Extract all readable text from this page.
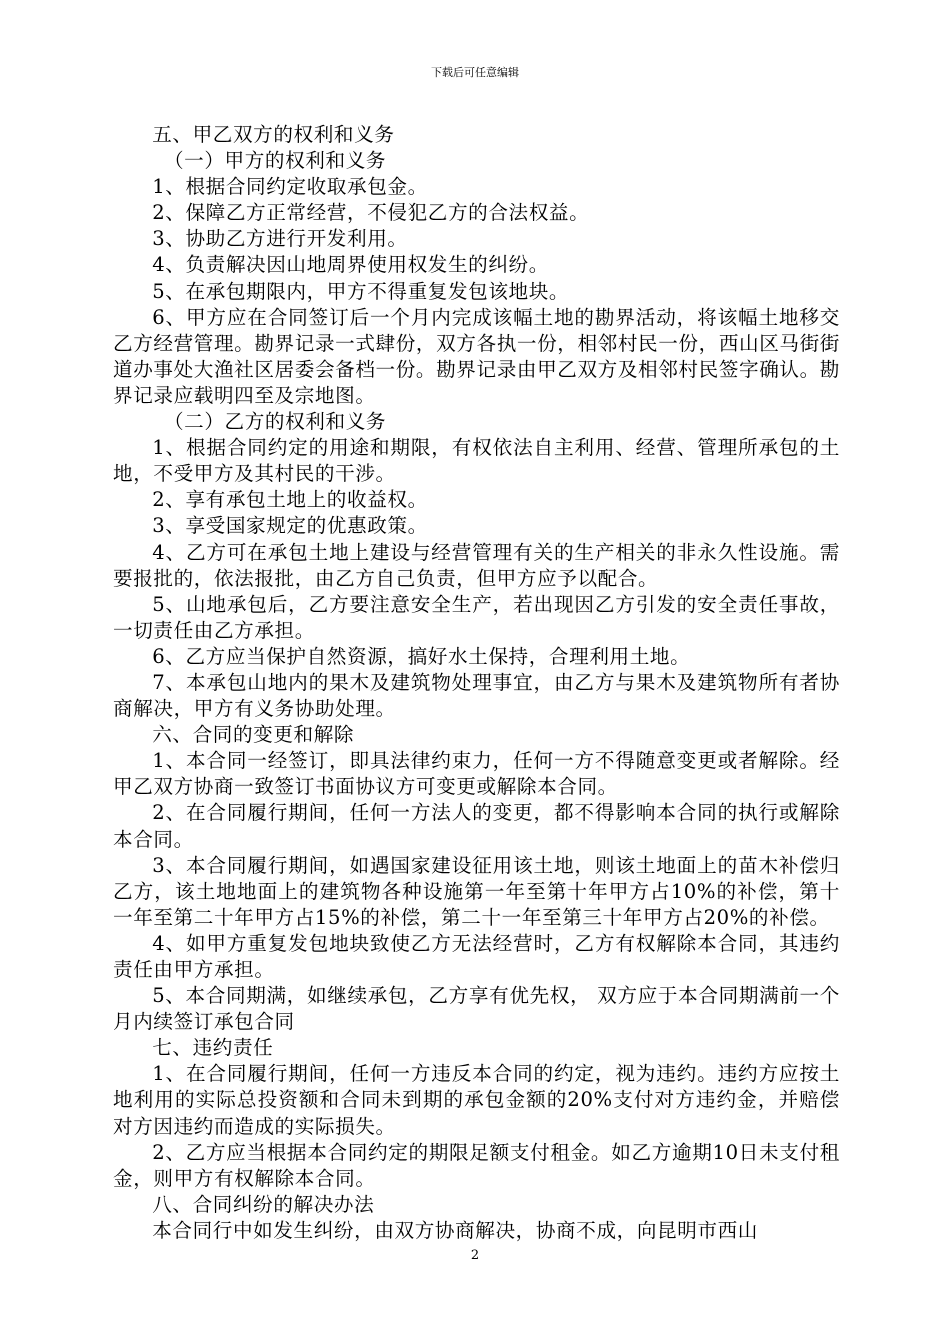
下载后可任意编辑

五、甲乙双方的权利和义务

（一）甲方的权利和义务

1、根据合同约定收取承包金。

2、保障乙方正常经营，不侵犯乙方的合法权益。

3、协助乙方进行开发利用。

4、负责解决因山地周界使用权发生的纠纷。

5、在承包期限内，甲方不得重复发包该地块。

6、甲方应在合同签订后一个月内完成该幅土地的勘界活动，将该幅土地移交乙方经营管理。勘界记录一式肆份，双方各执一份，相邻村民一份，西山区马街街道办事处大渔社区居委会备档一份。勘界记录由甲乙双方及相邻村民签字确认。勘界记录应载明四至及宗地图。

（二）乙方的权利和义务

1、根据合同约定的用途和期限，有权依法自主利用、经营、管理所承包的土地，不受甲方及其村民的干涉。

2、享有承包土地上的收益权。

3、享受国家规定的优惠政策。

4、乙方可在承包土地上建设与经营管理有关的生产相关的非永久性设施。需要报批的，依法报批，由乙方自己负责，但甲方应予以配合。

5、山地承包后，乙方要注意安全生产，若出现因乙方引发的安全责任事故，一切责任由乙方承担。

6、乙方应当保护自然资源，搞好水土保持，合理利用土地。

7、本承包山地内的果木及建筑物处理事宜，由乙方与果木及建筑物所有者协商解决，甲方有义务协助处理。

六、合同的变更和解除

1、本合同一经签订，即具法律约束力，任何一方不得随意变更或者解除。经甲乙双方协商一致签订书面协议方可变更或解除本合同。

2、在合同履行期间，任何一方法人的变更，都不得影响本合同的执行或解除本合同。

3、本合同履行期间，如遇国家建设征用该土地，则该土地面上的苗木补偿归乙方，该土地地面上的建筑物各种设施第一年至第十年甲方占10%的补偿，第十一年至第二十年甲方占15%的补偿，第二十一年至第三十年甲方占20%的补偿。

4、如甲方重复发包地块致使乙方无法经营时，乙方有权解除本合同，其违约责任由甲方承担。

5、本合同期满，如继续承包，乙方享有优先权， 双方应于本合同期满前一个月内续签订承包合同

七、违约责任

1、在合同履行期间，任何一方违反本合同的约定，视为违约。违约方应按土地利用的实际总投资额和合同未到期的承包金额的20%支付对方违约金，并赔偿对方因违约而造成的实际损失。

2、乙方应当根据本合同约定的期限足额支付租金。如乙方逾期10日未支付租金，则甲方有权解除本合同。

八、合同纠纷的解决办法

本合同行中如发生纠纷，由双方协商解决，协商不成，向昆明市西山

2
